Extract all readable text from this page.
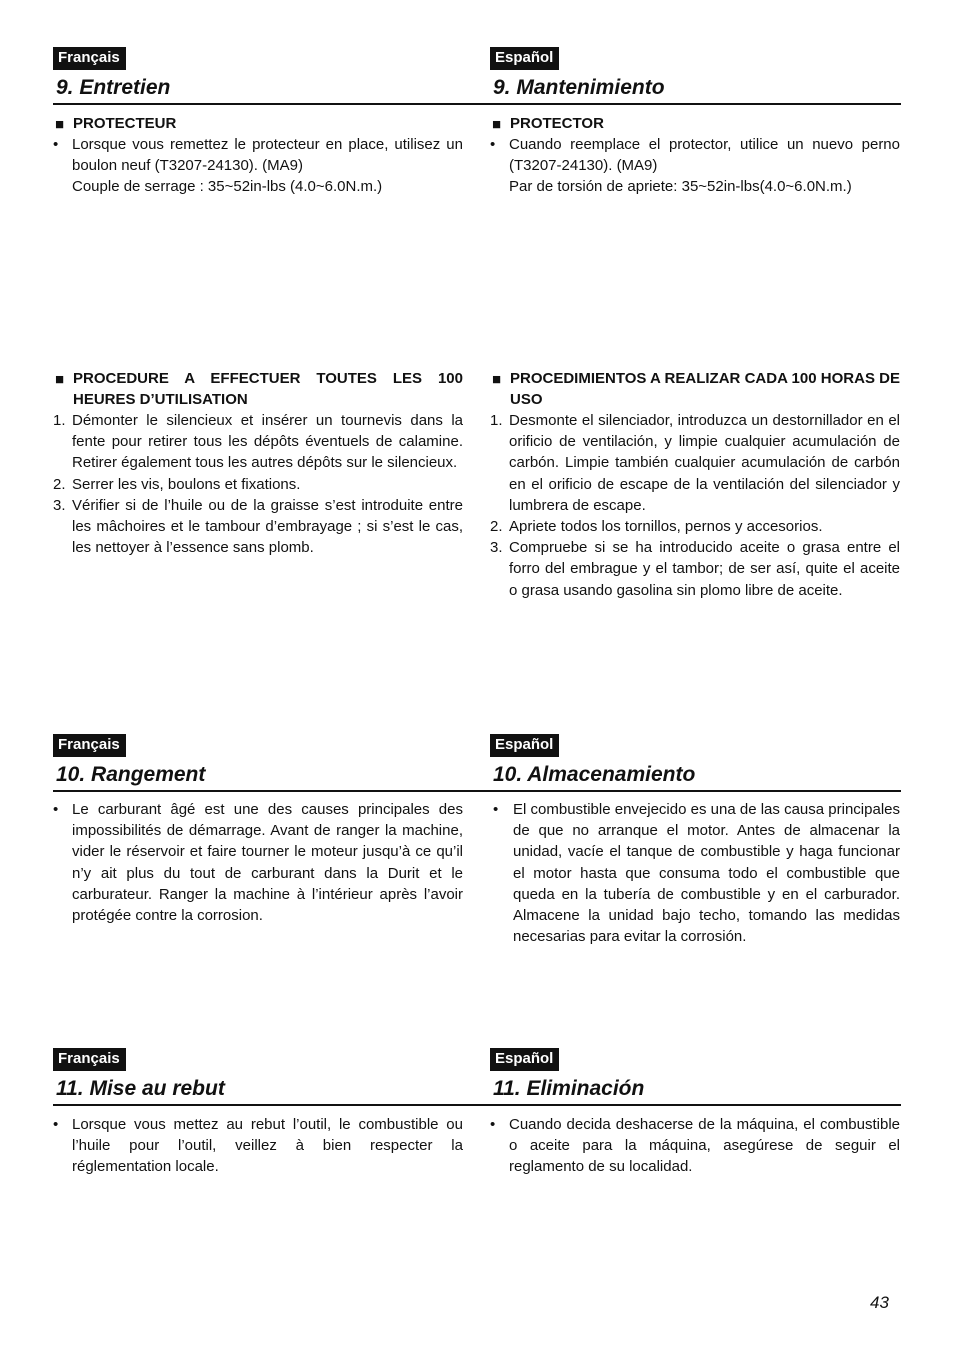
Français	Español
9. Entretien	9. Mantenimiento
■ PROTECTEUR

• Lorsque vous remettez le protecteur en place, utilisez un boulon neuf (T3207-24130). (MA9)

Couple de serrage : 35~52in-lbs (4.0~6.0N.m.)

■ PROCEDURE A EFFECTUER TOUTES LES 100 HEURES D’UTILISATION

1. Démonter le silencieux et insérer un tournevis dans la fente pour retirer tous les dépôts éventuels de calamine. Retirer également tous les autres dépôts sur le silencieux.

2. Serrer les vis, boulons et fixations.

3. Vérifier si de l’huile ou de la graisse s’est introduite entre les mâchoires et le tambour d’embrayage ; si s’est le cas, les nettoyer à l’essence sans plomb.

■ PROTECTOR

• Cuando reemplace el protector, utilice un nuevo perno (T3207-24130). (MA9)

Par de torsión de apriete: 35~52in-lbs(4.0~6.0N.m.)

■ PROCEDIMIENTOS A REALIZAR CADA 100 HORAS DE USO

1. Desmonte el silenciador, introduzca un destornillador en el orificio de ventilación, y limpie cualquier acumulación de carbón. Limpie también cualquier acumulación de carbón en el orificio de escape de la ventilación del silenciador y lumbrera de escape.

2. Apriete todos los tornillos, pernos y accesorios.

3. Compruebe si se ha introducido aceite o grasa entre el forro del embrague y el tambor; de ser así, quite el aceite o grasa usando gasolina sin plomo libre de aceite.

Français	Español
10. Rangement	10. Almacenamiento

• Le carburant âgé est une des causes principales des impossibilités de démarrage. Avant de ranger la machine, vider le réservoir et faire tourner le moteur jusqu’à ce qu’il n’y ait plus du tout de carburant dans la Durit et le carburateur. Ranger la machine à l’intérieur après l’avoir protégée contre la corrosion.

• El combustible envejecido es una de las causa principales de que no arranque el motor. Antes de almacenar la unidad, vacíe el tanque de combustible y haga funcionar el motor hasta que consuma todo el combustible que queda en la tubería de combustible y en el carburador. Almacene la unidad bajo techo, tomando las medidas necesarias para evitar la corrosión.

Français	Español
11. Mise au rebut	11. Eliminación

• Lorsque vous mettez au rebut l’outil, le combustible ou l’huile pour l’outil, veillez à bien respecter la réglementation locale.

• Cuando decida deshacerse de la máquina, el combustible o aceite para la máquina, asegúrese de seguir el reglamento de su localidad.

43
